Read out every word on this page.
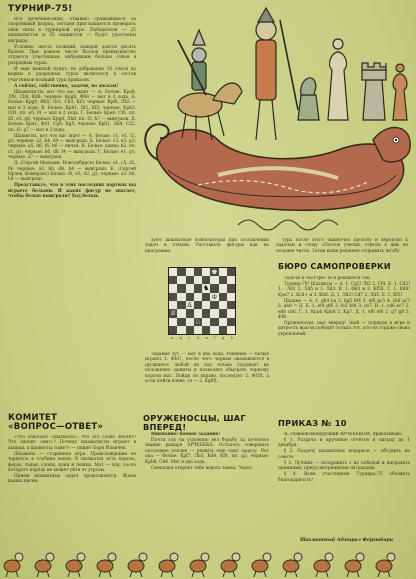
ТУРНИР-75!

Все арчебекисовцы, отважно сражавшиеся за спортивный разряд, сегодня приглашаются проверить свои силы в турнирной игре. Победители — 25 шахматистов и 25 шашистов — будут удостоены награды.

Условия: шесть позиций, каждой дается десять баллов. При равном числе баллов преимущество отдается участникам, набравшим больше очков в разрядных турах.

И еще важный пункт: не добравшие 16 очков до нормы в разрядных турах включатся в состав участников позиций тура приказов.

А сейчас, собственно, задачи, по доскам!

Шахматисты, вот что вас ждет — А. Белые: Kpa8, Лf8, Cb8, Kd8; черные: Kpg8, Фh8 — мат в 2 хода. Б. Белые: Kpg4, Фb5, Лc1, Cd3, Kf3; черные: Kpf6, Лh5 — мат в 3 хода. В. Белые: Kph1, Лf1, Kf2; черные: Kph3, Cd1, пп. e5, f4 — мат в 2 хода. Г. Белые: Kpe6, Cf6, пп. d3, e5, g6; черные: Kpg8, Лh8, пп. f3, h7 — выигрыш. Д. Белые: Kpa1, Фd1, Cg8, Kg5; черные: Kph1, Лb4, Cd2, пп. f3, g7 — мат в 2 хода.

Шашисты, вот что вас ждет — А. Белые: c1, e1, f2, g3; черные: a3, b4, d4 — выигрыш. Б. Белые: c3, e3, g3; черные: a5, d6, f6, h6 — ничья. В. Белые: дамка h2, пп. c1, g1; черные: b6, d6, f4 — выигрыш. Г. Белые: e1, g1; черные: a7 — выигрыш.

Д. (Сергей Мальцев, Новосибирск) Белые: e1, c5, d2, f4; черные: a3, b6, d8, h4 — выигрыш. Е. (Сергей Орлов, Кемерово) Белые: f6, e5, d2, g3; черные: a3, b6, h4 — выигрыш.

Представьте, что в этих последних партиях вы играете белыми. И каких фигур не хватает, чтобы белые выиграли? Ход белых.

КОМИТЕТ «ВОПРОС—ОТВЕТ»

«Что означает «шахматы», что это слово значит? Что значит «мат»? Почему шахматисты играют в шашки, а шашисты тоже?» — пишет Боря Ильичев.

Шахматы — старинная игра. Происхождение ее теряется в глубине веков. В шахматах есть король, ферзь, ладьи, слоны, кони и пешки. Мат — ход, после которого король не может уйти от угрозы.

Прием шахматных задач продолжается. Ждем ваших писем.

зуют шахматные композиторы при составлении задач и этюдов. Расставьте фигуры как на диаграмме.

тура после этого ошибочно просьбу и вероятно к задачам и слову «Постов учетки, ответы в дни не позднее числа. Затем ваше решение отправить штабу.

♚
♞
♔
♙
♕
♘
a b c d e f g h

Задание тут — мат в два хода. Решение — белые играют 1. Фb1!, после чего черные оказываются в цугцванге: любой их ход только ухудшает их положение защиты и позволяет обыграть черному короля мат. Пойди он вправо, последует 2. Фf1X, а если пойти влево, то — 2. Kg6X.

ОРУЖЕНОСЦЫ, ШАГ ВПЕРЕД!

Внимание: боевое задание!

Почти год ты усиленно вел борьбу за почетное звание рыцаря АРЧЕБЕКА. Осталось совершить последнее усилие — решить еще одну задачу. Вот она — белые: Kpf7, Лb3, Kd4, Kf8, пп. g2; черные: Kph8, Cd4. Мат в два хода.

Смекалка откроет тебе ворота замка. Через

БЮРО САМОПРОВЕРКИ

Задачи в «Костре» № 8 решаются так.

Турнир-70! Шахматы — А. 1. Cg5! Лf2 2. Cf4. Б. 1. Cd2! 1... Лd1 2. Лd5 и 3. Лd3. В. 1. Фd3 и 2. Kf5X. Г. 1. Kd6! Kpe7 2. Kc8+ и 3. Kb8. Д. 1. Лd2! Cd7 2. Лd5. Е. 1. Kf3!

Шашки — А. 1. gh4 ba 2. hg5 hf4 3. ef6 gc5 4. cb6 ac7 5. ab8 = Д. Б. 1. ef4 gf6 2. fe5 fd4 3. ce7. В. 1. cd6 ec7 2. ed6 cb6. Г. 1. Kpa6 Kpb8 2. Kp7. Д. 1. ef6 ef6 2. g7 g8 3. Фf8.

Оруженосцы, шаг вперед! Знай — порядок в игре и хитрость врагов победят только тот, кто на страже своих укреплений.

ПРИКАЗ № 10

Я, славнокомандующий АРЧЕБЕКОМ, приказываю:

§ 1. Раздача и вручение отчетов и наград до 1 декабря.

§ 2. Раздачу шахматных подарков — обсудить на совете.

§ 3. Лучших — поздравить с их победой и наградить премиями, предусмотренными наградами.

§ 4. Всем участникам Турнира-75 объявить благодарность!

Шахматный Адмирал Фергюбари
